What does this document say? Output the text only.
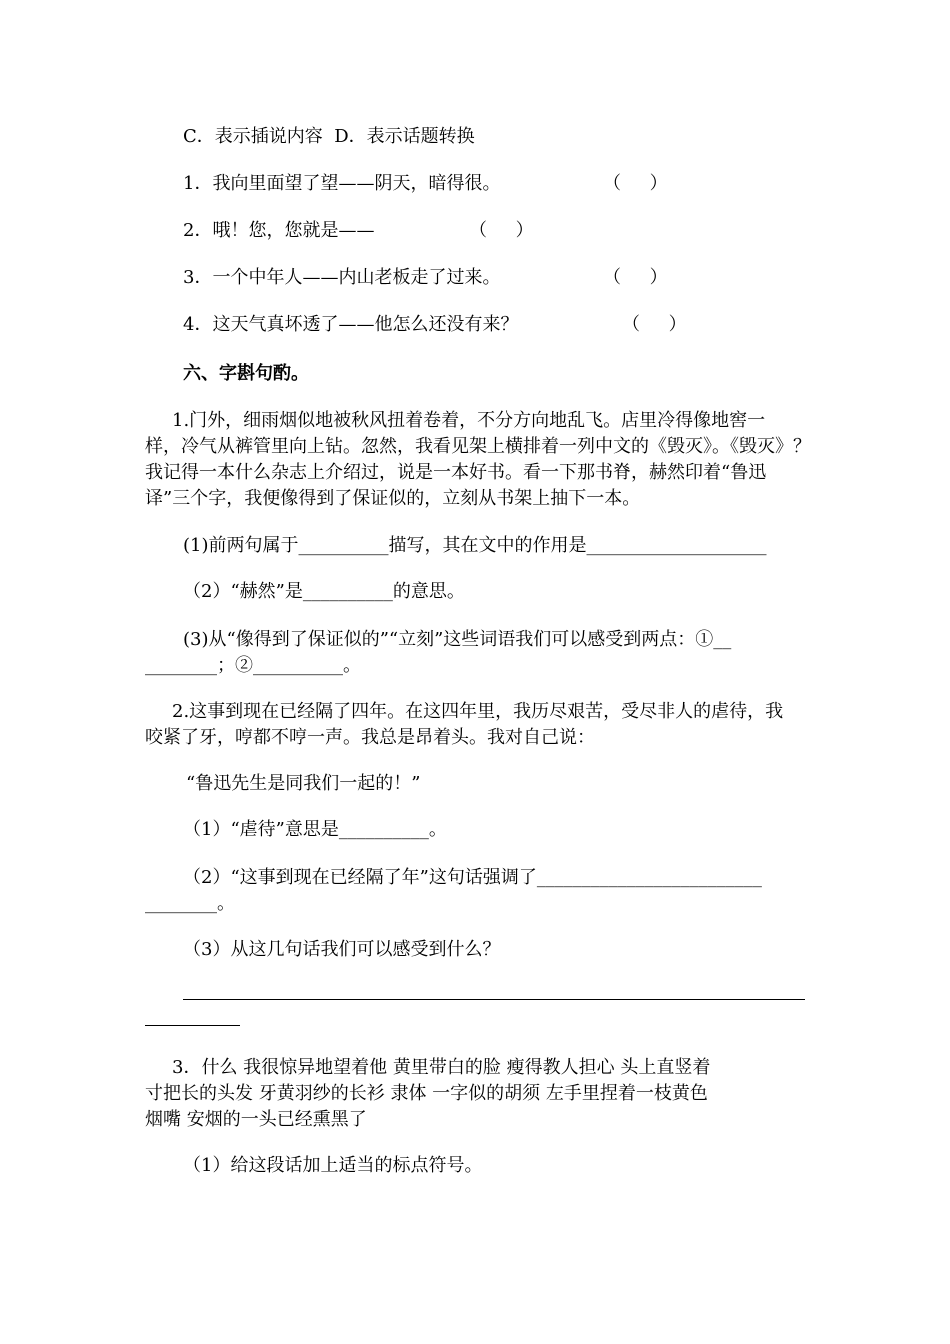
C．表示插说内容 D．表示话题转换
1．我向里面望了望——阴天，暗得很。	（     ）
2．哦！您，您就是——	（     ）
3．一个中年人——内山老板走了过来。	（     ）
4．这天气真坏透了——他怎么还没有来？	（     ）
六、字斟句酌。
1.门外，细雨烟似地被秋风扭着卷着，不分方向地乱飞。店里冷得像地窖一
样，冷气从裤管里向上钻。忽然，我看见架上横排着一列中文的《毁灭》。《毁灭》？
我记得一本什么杂志上介绍过，说是一本好书。看一下那书脊，赫然印着“鲁迅
译”三个字，我便像得到了保证似的，立刻从书架上抽下一本。
(1)前两句属于__________描写，其在文中的作用是____________________
（2）“赫然”是__________的意思。
(3)从“像得到了保证似的”“立刻”这些词语我们可以感受到两点：①__
________；②__________。
2.这事到现在已经隔了四年。在这四年里，我历尽艰苦，受尽非人的虐待，我
咬紧了牙，哼都不哼一声。我总是昂着头。我对自己说：
“鲁迅先生是同我们一起的！”
（1）“虐待”意思是__________。
（2）“这事到现在已经隔了年”这句话强调了_________________________
________。
（3）从这几句话我们可以感受到什么？
3．什么 我很惊异地望着他 黄里带白的脸 瘦得教人担心 头上直竖着
寸把长的头发 牙黄羽纱的长衫 隶体 一字似的胡须 左手里捏着一枝黄色
烟嘴 安烟的一头已经熏黑了
（1）给这段话加上适当的标点符号。
